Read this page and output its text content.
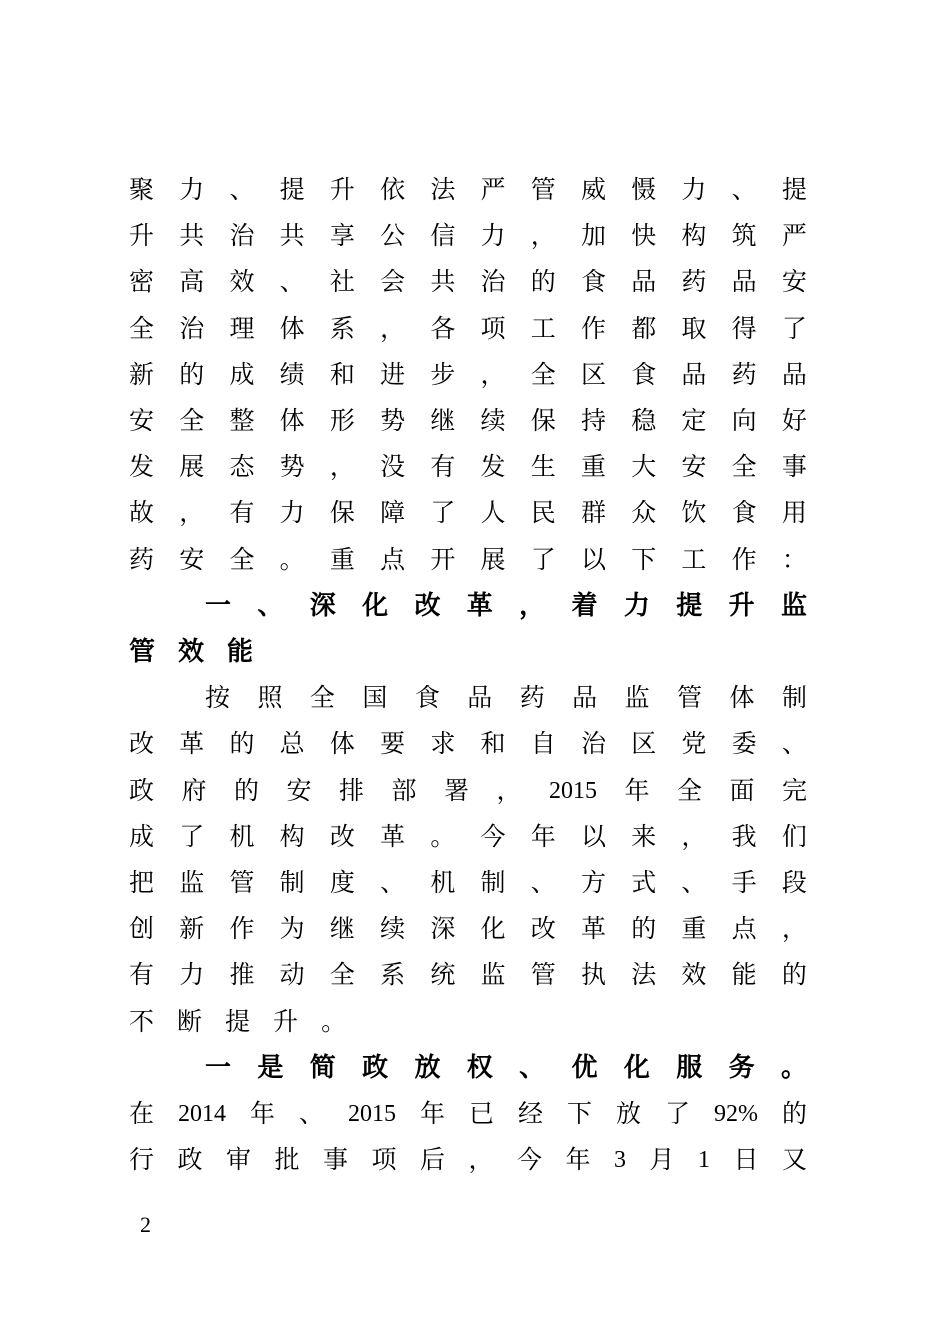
聚 力 、 提 升 依 法 严 管 威 慑 力 、 提
升 共 治 共 享 公 信 力 ， 加 快 构 筑 严
密 高 效 、 社 会 共 治 的 食 品 药 品 安
全 治 理 体 系 ， 各 项 工 作 都 取 得 了
新 的 成 绩 和 进 步 ， 全 区 食 品 药 品
安 全 整 体 形 势 继 续 保 持 稳 定 向 好
发 展 态 势 ， 没 有 发 生 重 大 安 全 事
故 ， 有 力 保 障 了 人 民 群 众 饮 食 用
药 安 全 。 重 点 开 展 了 以 下 工 作 ：
一 、 深 化 改 革 ， 着 力 提 升 监
管 效 能
按 照 全 国 食 品 药 品 监 管 体 制
改 革 的 总 体 要 求 和 自 治 区 党 委 、
政 府 的 安 排 部 署 ， 2015 年 全 面 完
成 了 机 构 改 革 。 今 年 以 来 ， 我 们
把 监 管 制 度 、 机 制 、 方 式 、 手 段
创 新 作 为 继 续 深 化 改 革 的 重 点 ，
有 力 推 动 全 系 统 监 管 执 法 效 能 的
不 断 提 升 。
一 是 简 政 放 权 、 优 化 服 务 。
在 2014 年 、 2015 年 已 经 下 放 了 92% 的
行 政 审 批 事 项 后 ， 今 年 3 月 1 日 又
2
